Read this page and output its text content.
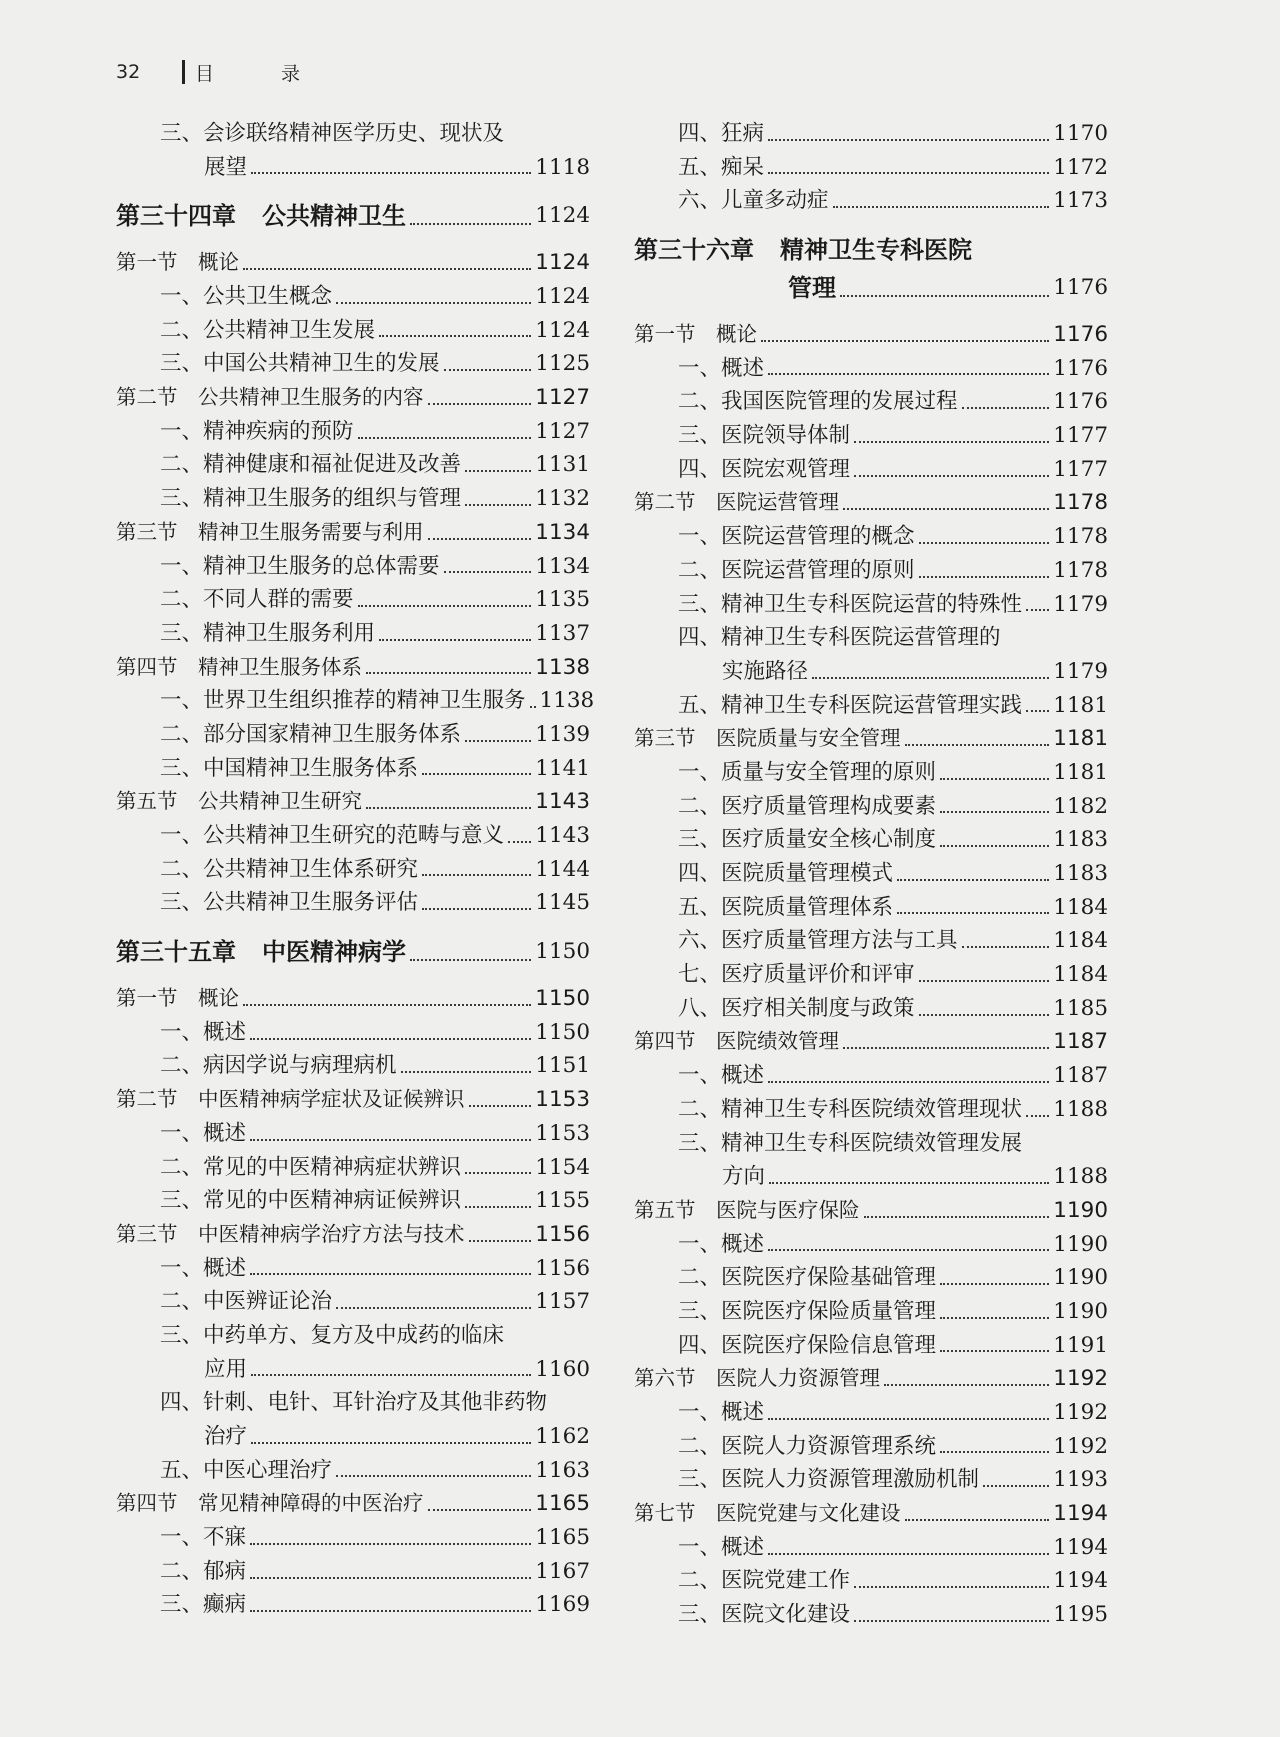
32	目　录
三、会诊联络精神医学历史、现状及
展望	1118
第三十四章 公共精神卫生	1124
第一节　概论	1124
一、公共卫生概念	1124
二、公共精神卫生发展	1124
三、中国公共精神卫生的发展	1125
第二节　公共精神卫生服务的内容	1127
一、精神疾病的预防	1127
二、精神健康和福祉促进及改善	1131
三、精神卫生服务的组织与管理	1132
第三节　精神卫生服务需要与利用	1134
一、精神卫生服务的总体需要	1134
二、不同人群的需要	1135
三、精神卫生服务利用	1137
第四节　精神卫生服务体系	1138
一、世界卫生组织推荐的精神卫生服务 1138
二、部分国家精神卫生服务体系	1139
三、中国精神卫生服务体系	1141
第五节　公共精神卫生研究	1143
一、公共精神卫生研究的范畴与意义 1143
二、公共精神卫生体系研究	1144
三、公共精神卫生服务评估	1145
第三十五章 中医精神病学	1150
第一节　概论	1150
一、概述	1150
二、病因学说与病理病机	1151
第二节　中医精神病学症状及证候辨识	1153
一、概述	1153
二、常见的中医精神病症状辨识	1154
三、常见的中医精神病证候辨识	1155
第三节　中医精神病学治疗方法与技术	1156
一、概述	1156
二、中医辨证论治	1157
三、中药单方、复方及中成药的临床
应用	1160
四、针刺、电针、耳针治疗及其他非药物
治疗	1162
五、中医心理治疗	1163
第四节　常见精神障碍的中医治疗	1165
一、不寐	1165
二、郁病	1167
三、癫病	1169
四、狂病	1170
五、痴呆	1172
六、儿童多动症	1173
第三十六章 精神卫生专科医院
管理	1176
第一节　概论	1176
一、概述	1176
二、我国医院管理的发展过程	1176
三、医院领导体制	1177
四、医院宏观管理	1177
第二节　医院运营管理	1178
一、医院运营管理的概念	1178
二、医院运营管理的原则	1178
三、精神卫生专科医院运营的特殊性 1179
四、精神卫生专科医院运营管理的
实施路径	1179
五、精神卫生专科医院运营管理实践 1181
第三节　医院质量与安全管理	1181
一、质量与安全管理的原则	1181
二、医疗质量管理构成要素	1182
三、医疗质量安全核心制度	1183
四、医院质量管理模式	1183
五、医院质量管理体系	1184
六、医疗质量管理方法与工具	1184
七、医疗质量评价和评审	1184
八、医疗相关制度与政策	1185
第四节　医院绩效管理	1187
一、概述	1187
二、精神卫生专科医院绩效管理现状 1188
三、精神卫生专科医院绩效管理发展
方向	1188
第五节　医院与医疗保险	1190
一、概述	1190
二、医院医疗保险基础管理	1190
三、医院医疗保险质量管理	1190
四、医院医疗保险信息管理	1191
第六节　医院人力资源管理	1192
一、概述	1192
二、医院人力资源管理系统	1192
三、医院人力资源管理激励机制	1193
第七节　医院党建与文化建设	1194
一、概述	1194
二、医院党建工作	1194
三、医院文化建设	1195
